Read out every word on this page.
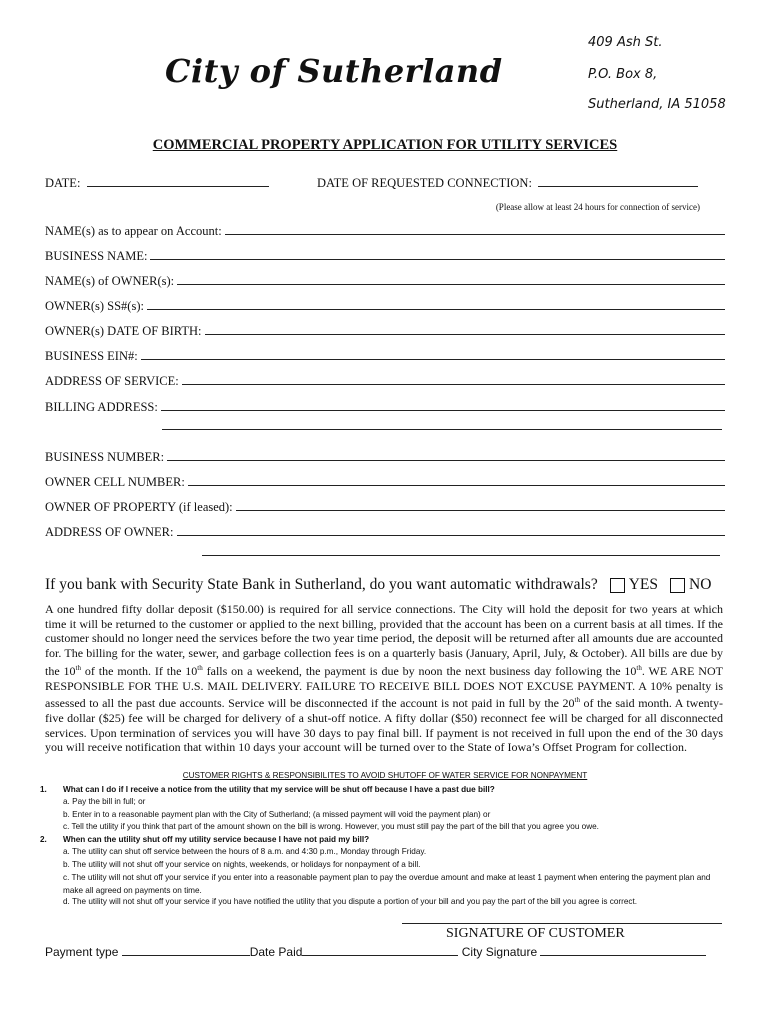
City of Sutherland
409 Ash St.
P.O. Box 8,
Sutherland, IA 51058
COMMERCIAL PROPERTY APPLICATION FOR UTILITY SERVICES
DATE:	DATE OF REQUESTED CONNECTION:
(Please allow at least 24 hours for connection of service)
NAME(s) as to appear on Account:
BUSINESS NAME:
NAME(s) of OWNER(s):
OWNER(s) SS#(s):
OWNER(s) DATE OF BIRTH:
BUSINESS EIN#:
ADDRESS OF SERVICE:
BILLING ADDRESS:
BUSINESS NUMBER:
OWNER CELL NUMBER:
OWNER OF PROPERTY (if leased):
ADDRESS OF OWNER:
If you bank with Security State Bank in Sutherland, do you want automatic withdrawals? YES NO
A one hundred fifty dollar deposit ($150.00) is required for all service connections. The City will hold the deposit for two years at which time it will be returned to the customer or applied to the next billing, provided that the account has been on a current basis at all times. If the customer should no longer need the services before the two year time period, the deposit will be returned after all amounts due are accounted for. The billing for the water, sewer, and garbage collection fees is on a quarterly basis (January, April, July, & October). All bills are due by the 10th of the month. If the 10th falls on a weekend, the payment is due by noon the next business day following the 10th. WE ARE NOT RESPONSIBLE FOR THE U.S. MAIL DELIVERY. FAILURE TO RECEIVE BILL DOES NOT EXCUSE PAYMENT. A 10% penalty is assessed to all the past due accounts. Service will be disconnected if the account is not paid in full by the 20th of the said month. A twenty-five dollar ($25) fee will be charged for delivery of a shut-off notice. A fifty dollar ($50) reconnect fee will be charged for all disconnected services. Upon termination of services you will have 30 days to pay final bill. If payment is not received in full upon the end of the 30 days you will receive notification that within 10 days your account will be turned over to the State of Iowa’s Offset Program for collection.
CUSTOMER RIGHTS & RESPONSIBILITES TO AVOID SHUTOFF OF WATER SERVICE FOR NONPAYMENT
1. What can I do if I receive a notice from the utility that my service will be shut off because I have a past due bill?
a. Pay the bill in full; or
b. Enter in to a reasonable payment plan with the City of Sutherland; (a missed payment will void the payment plan) or
c. Tell the utility if you think that part of the amount shown on the bill is wrong. However, you must still pay the part of the bill that you agree you owe.
2. When can the utility shut off my utility service because I have not paid my bill?
a. The utility can shut off service between the hours of 8 a.m. and 4:30 p.m., Monday through Friday.
b. The utility will not shut off your service on nights, weekends, or holidays for nonpayment of a bill.
c. The utility will not shut off your service if you enter into a reasonable payment plan to pay the overdue amount and make at least 1 payment when entering the payment plan and make all agreed on payments on time.
d. The utility will not shut off your service if you have notified the utility that you dispute a portion of your bill and you pay the part of the bill you agree is correct.
SIGNATURE OF CUSTOMER
Payment type	Date Paid	City Signature
